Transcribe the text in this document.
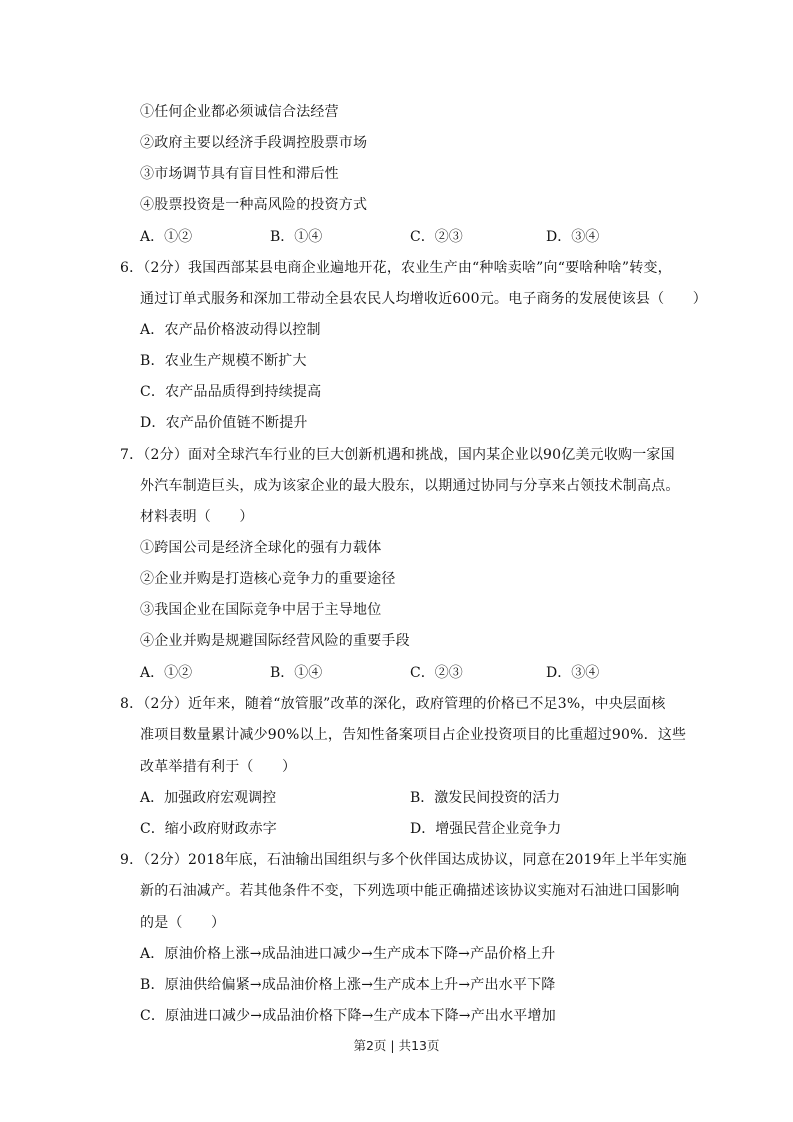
①任何企业都必须诚信合法经营
②政府主要以经济手段调控股票市场
③市场调节具有盲目性和滞后性
④股票投资是一种高风险的投资方式
A．①②	B．①④	C．②③	D．③④
6．（2分）我国西部某县电商企业遍地开花，农业生产由“种啥卖啥”向“要啥种啥”转变，
通过订单式服务和深加工带动全县农民人均增收近600元。电子商务的发展使该县（　　）
A．农产品价格波动得以控制
B．农业生产规模不断扩大
C．农产品品质得到持续提高
D．农产品价值链不断提升
7．（2分）面对全球汽车行业的巨大创新机遇和挑战，国内某企业以90亿美元收购一家国
外汽车制造巨头，成为该家企业的最大股东，以期通过协同与分享来占领技术制高点。
材料表明（　　）
①跨国公司是经济全球化的强有力载体
②企业并购是打造核心竞争力的重要途径
③我国企业在国际竞争中居于主导地位
④企业并购是规避国际经营风险的重要手段
A．①②	B．①④	C．②③	D．③④
8．（2分）近年来，随着“放管服”改革的深化，政府管理的价格已不足3%，中央层面核
准项目数量累计减少90%以上，告知性备案项目占企业投资项目的比重超过90%．这些
改革举措有利于（　　）
A．加强政府宏观调控	B．激发民间投资的活力
C．缩小政府财政赤字	D．增强民营企业竞争力
9．（2分）2018年底，石油输出国组织与多个伙伴国达成协议，同意在2019年上半年实施
新的石油减产。若其他条件不变，下列选项中能正确描述该协议实施对石油进口国影响
的是（　　）
A．原油价格上涨→成品油进口减少→生产成本下降→产品价格上升
B．原油供给偏紧→成品油价格上涨→生产成本上升→产出水平下降
C．原油进口减少→成品油价格下降→生产成本下降→产出水平增加
第2页 | 共13页
